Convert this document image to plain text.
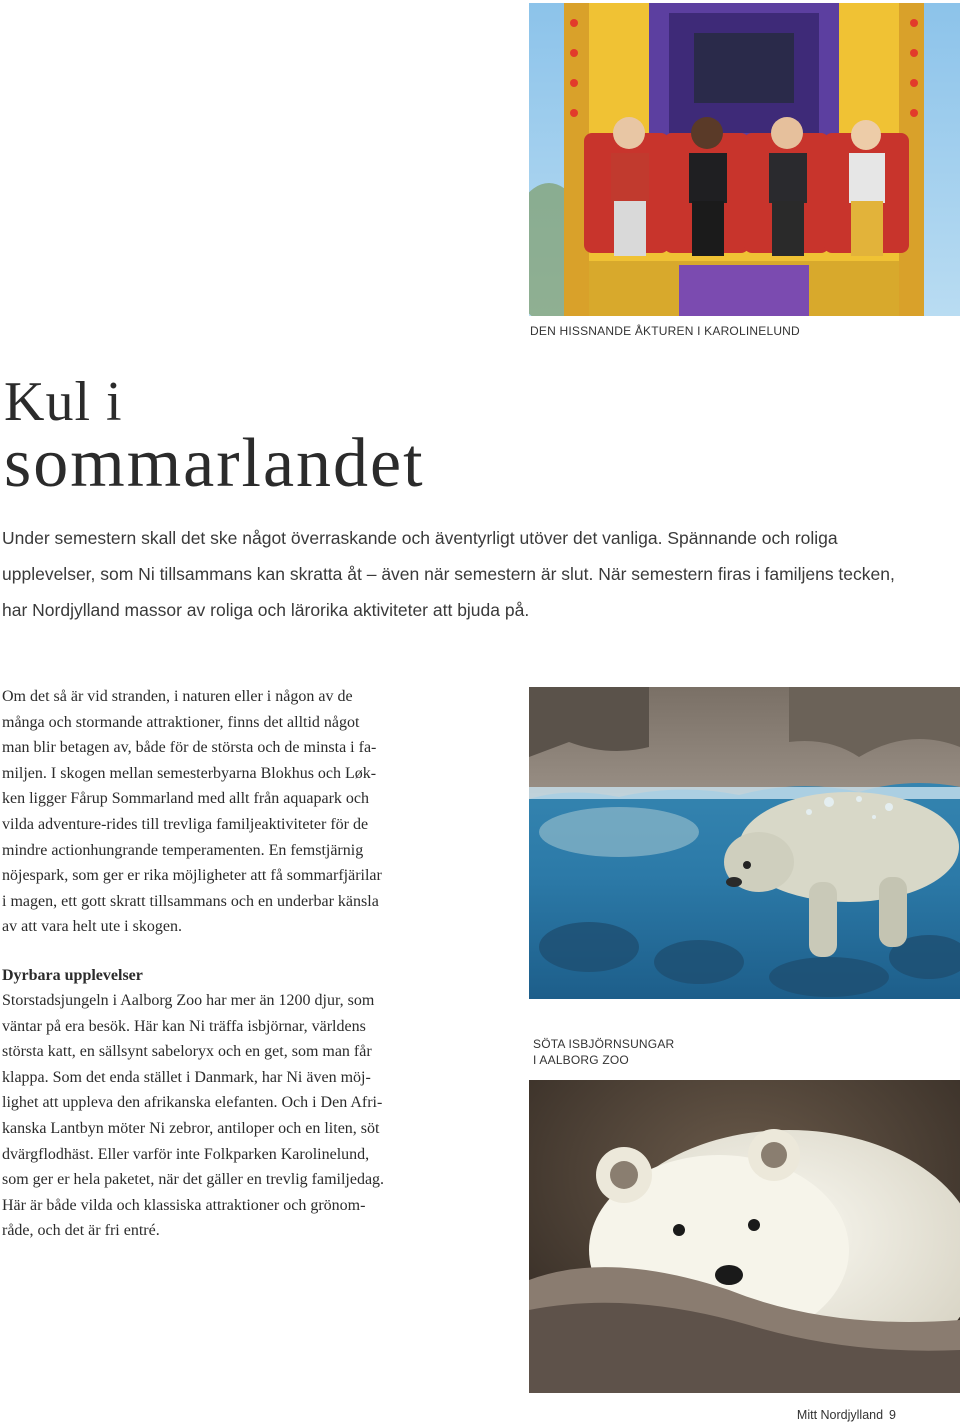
DEN HISSNANDE ÅKTUREN I KAROLINELUND
Kul i
sommarlandet
Under semestern skall det ske något överraskande och äventyrligt utöver det vanliga. Spännande och roliga upplevelser, som Ni tillsammans kan skratta åt – även när semestern är slut. När semestern firas i familjens tecken, har Nordjylland massor av roliga och lärorika aktiviteter att bjuda på.

Om det så är vid stranden, i naturen eller i någon av de
många och stormande attraktioner, finns det alltid något
man blir betagen av, både för de största och de minsta i fa-
miljen. I skogen mellan semesterbyarna Blokhus och Løk-
ken ligger Fårup Sommarland med allt från aquapark och
vilda adventure-rides till trevliga familjeaktiviteter för de
mindre actionhungrande temperamenten. En femstjärnig
nöjespark, som ger er rika möjligheter att få sommarfjärilar
i magen, ett gott skratt tillsammans och en underbar känsla
av att vara helt ute i skogen.

Dyrbara upplevelser

Storstadsjungeln i Aalborg Zoo har mer än 1200 djur, som
väntar på era besök. Här kan Ni träffa isbjörnar, världens
största katt, en sällsynt sabeloryx och en get, som man får
klappa. Som det enda stället i Danmark, har Ni även möj-
lighet att uppleva den afrikanska elefanten. Och i Den Afri-
kanska Lantbyn möter Ni zebror, antiloper och en liten, söt
dvärgflodhäst. Eller varför inte Folkparken Karolinelund,
som ger er hela paketet, när det gäller en trevlig familjedag.
Här är både vilda och klassiska attraktioner och grönom-
råde, och det är fri entré.

SÖTA ISBJÖRNSUNGAR
I AALBORG ZOO
Mitt Nordjylland 9
